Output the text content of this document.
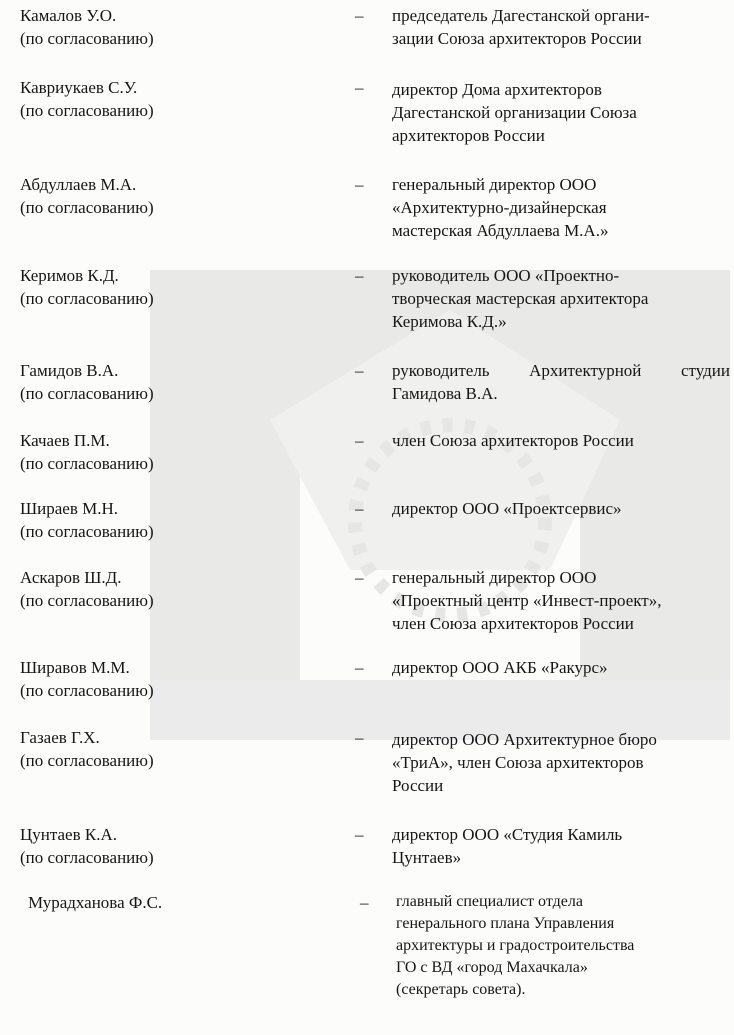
Камалов У.О.
(по согласованию)
– председатель Дагестанской органи-
зации Союза архитекторов России
Кавриукаев С.У.
(по согласованию)
– директор Дома архитекторов
Дагестанской организации Союза
архитекторов России
Абдуллаев М.А.
(по согласованию)
– генеральный директор ООО
«Архитектурно-дизайнерская
мастерская Абдуллаева М.А.»
Керимов К.Д.
(по согласованию)
– руководитель ООО «Проектно-
творческая мастерская архитектора
Керимова К.Д.»
Гамидов В.А.
(по согласованию)
– руководитель Архитектурной студии
Гамидова В.А.
Качаев П.М.
(по согласованию)
– член Союза архитекторов России
Шираев М.Н.
(по согласованию)
– директор ООО «Проектсервис»
Аскаров Ш.Д.
(по согласованию)
– генеральный директор ООО
«Проектный центр «Инвест-проект»,
член Союза архитекторов России
Шиpавов М.М.
(по согласованию)
– директор ООО АКБ «Ракурс»
Газаев Г.Х.
(по согласованию)
– директор ООО Архитектурное бюро
«ТриА», член Союза архитекторов
России
Цунтаев К.А.
(по согласованию)
– директор ООО «Студия Камиль
Цунтаев»
Мурадханова Ф.С.	– главный специалист отдела
генерального плана Управления
архитектуры и градостроительства
ГО с ВД «город Махачкала»
(секретарь совета).
